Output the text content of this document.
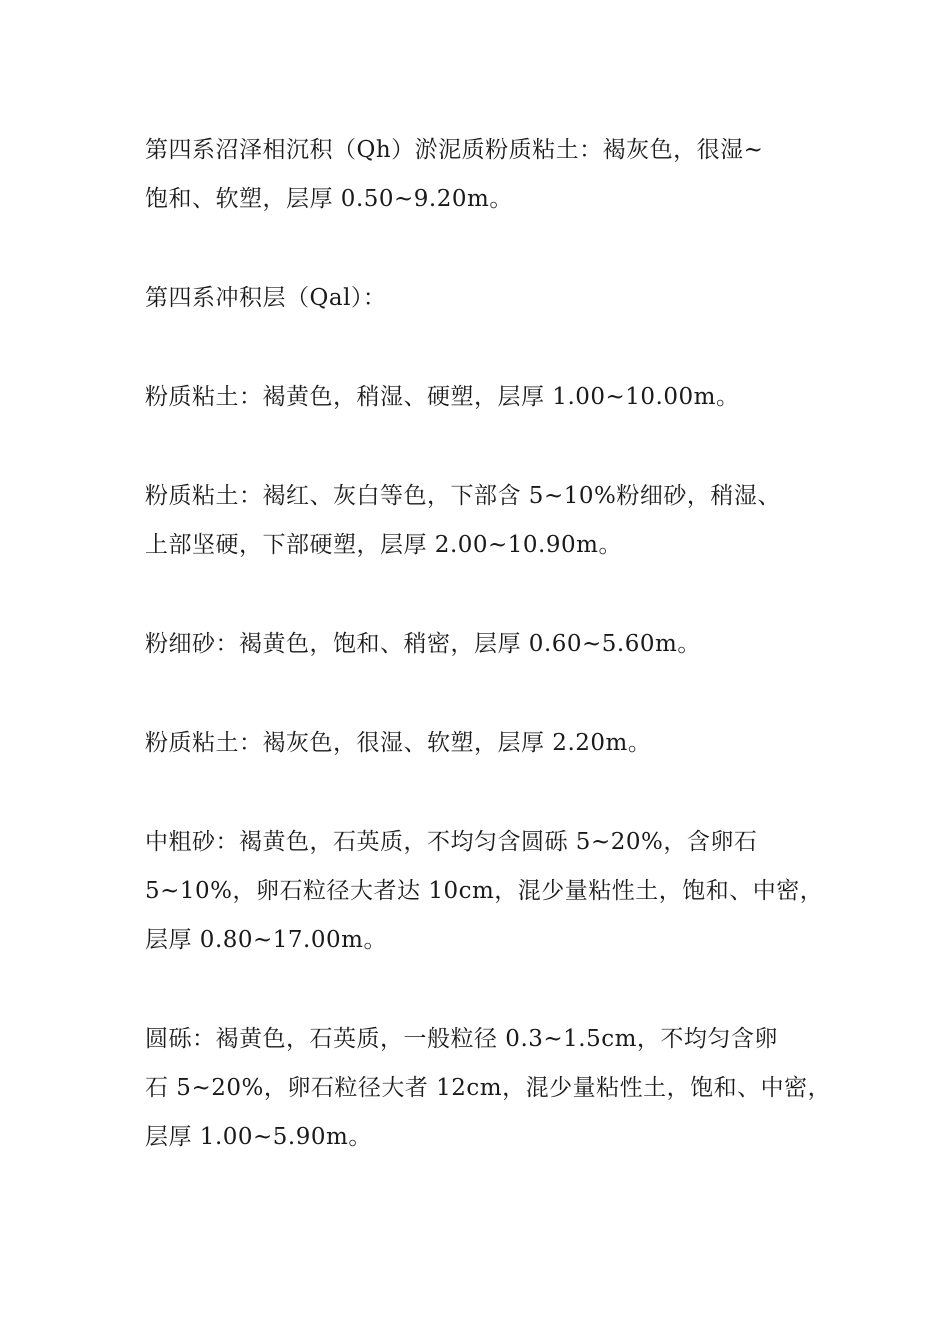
第四系沼泽相沉积（Qh）淤泥质粉质粘土：褐灰色，很湿~
饱和、软塑，层厚 0.50~9.20m。

第四系冲积层（Qal）：

粉质粘土：褐黄色，稍湿、硬塑，层厚 1.00~10.00m。

粉质粘土：褐红、灰白等色，下部含 5~10%粉细砂，稍湿、
上部坚硬，下部硬塑，层厚 2.00~10.90m。

粉细砂：褐黄色，饱和、稍密，层厚 0.60~5.60m。

粉质粘土：褐灰色，很湿、软塑，层厚 2.20m。

中粗砂：褐黄色，石英质，不均匀含圆砾 5~20%，含卵石
5~10%，卵石粒径大者达 10cm，混少量粘性土，饱和、中密，
层厚 0.80~17.00m。

圆砾：褐黄色，石英质，一般粒径 0.3~1.5cm，不均匀含卵
石 5~20%，卵石粒径大者 12cm，混少量粘性土，饱和、中密，
层厚 1.00~5.90m。
